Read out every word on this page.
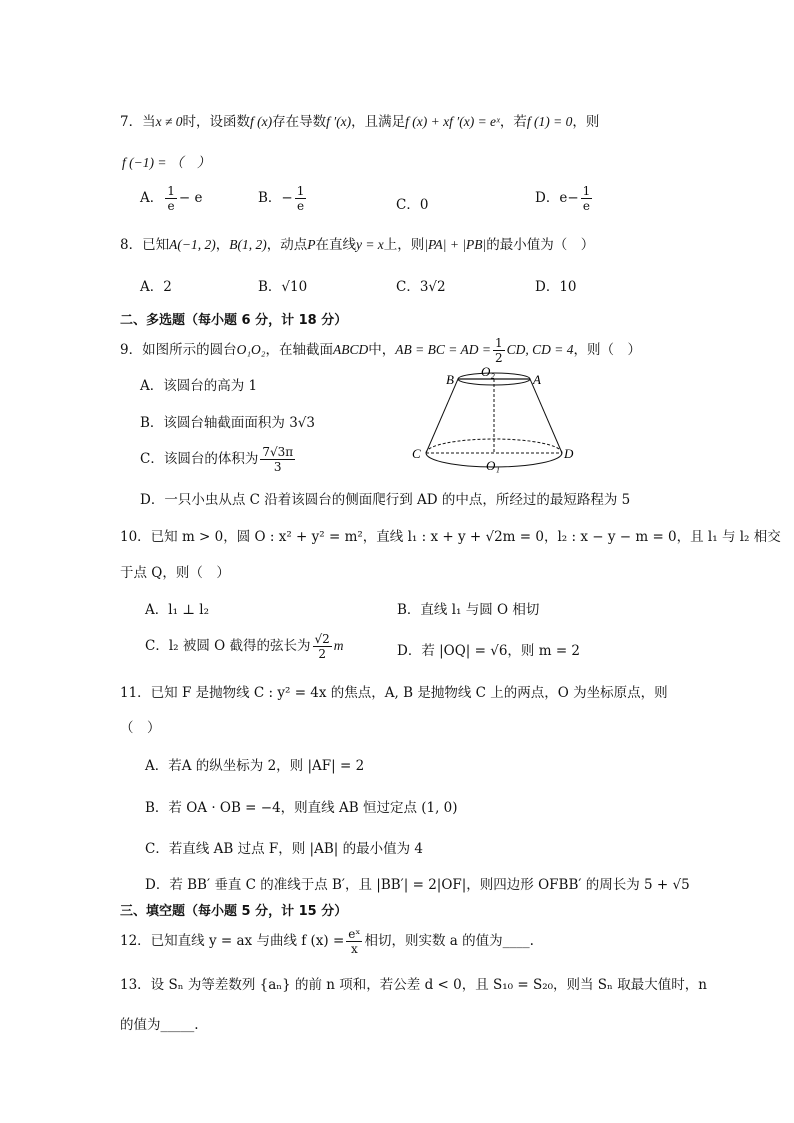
7．当x ≠ 0时，设函数f (x)存在导数f ′(x)，且满足f (x) + xf ′(x) = eˣ，若f (1) = 0，则
f (−1) = （　）
A． $\frac{1}{e} - e$	B．− $\frac{1}{e}$	C．0	D．$e- \frac{1}{e}$
8．已知A(−1, 2)，B(1, 2)，动点P在直线y = x上，则|PA| + |PB|的最小值为（　）
A．2	B．√10	C．3√2	D．10
二、多选题（每小题 6 分，计 18 分）
9．如图所示的圆台O₁O₂，在轴截面ABCD中，AB = BC = AD = $\frac{1}{2}$ CD, CD = 4，则（　）
A．该圆台的高为 1
B．该圆台轴截面面积为 3√3
C．该圆台的体积为 $\frac{7√3\pi}{3}$
D．一只小虫从点 C 沿着该圆台的侧面爬行到 AD 的中点，所经过的最短路程为 5
B
O₂
A
C
O₁
D
10．已知 m > 0，圆 O : x² + y² = m²，直线 l₁ : x + y + √2m = 0，l₂ : x − y − m = 0，且 l₁ 与 l₂ 相交
于点 Q，则（　）
A．l₁ ⊥ l₂	B．直线 l₁ 与圆 O 相切
C．l₂ 被圆 O 截得的弦长为 $\frac{√2}{2}$ m	D．若 |OQ| = √6，则 m = 2
11．已知 F 是抛物线 C : y² = 4x 的焦点，A, B 是抛物线 C 上的两点，O 为坐标原点，则
（　）
A．若A 的纵坐标为 2，则 |AF| = 2
B．若 OA · OB = −4，则直线 AB 恒过定点 (1, 0)
C．若直线 AB 过点 F，则 |AB| 的最小值为 4
D．若 BB′ 垂直 C 的准线于点 B′，且 |BB′| = 2|OF|，则四边形 OFBB′ 的周长为 5 + √5
三、填空题（每小题 5 分，计 15 分）
12．已知直线 y = ax 与曲线 f $(x) = \frac{\text{eˣ}}{x}$ 相切，则实数 a 的值为____.
13．设 Sₙ 为等差数列 {aₙ} 的前 n 项和，若公差 d < 0，且 S₁₀ = S₂₀，则当 Sₙ 取最大值时，n
的值为_____.
